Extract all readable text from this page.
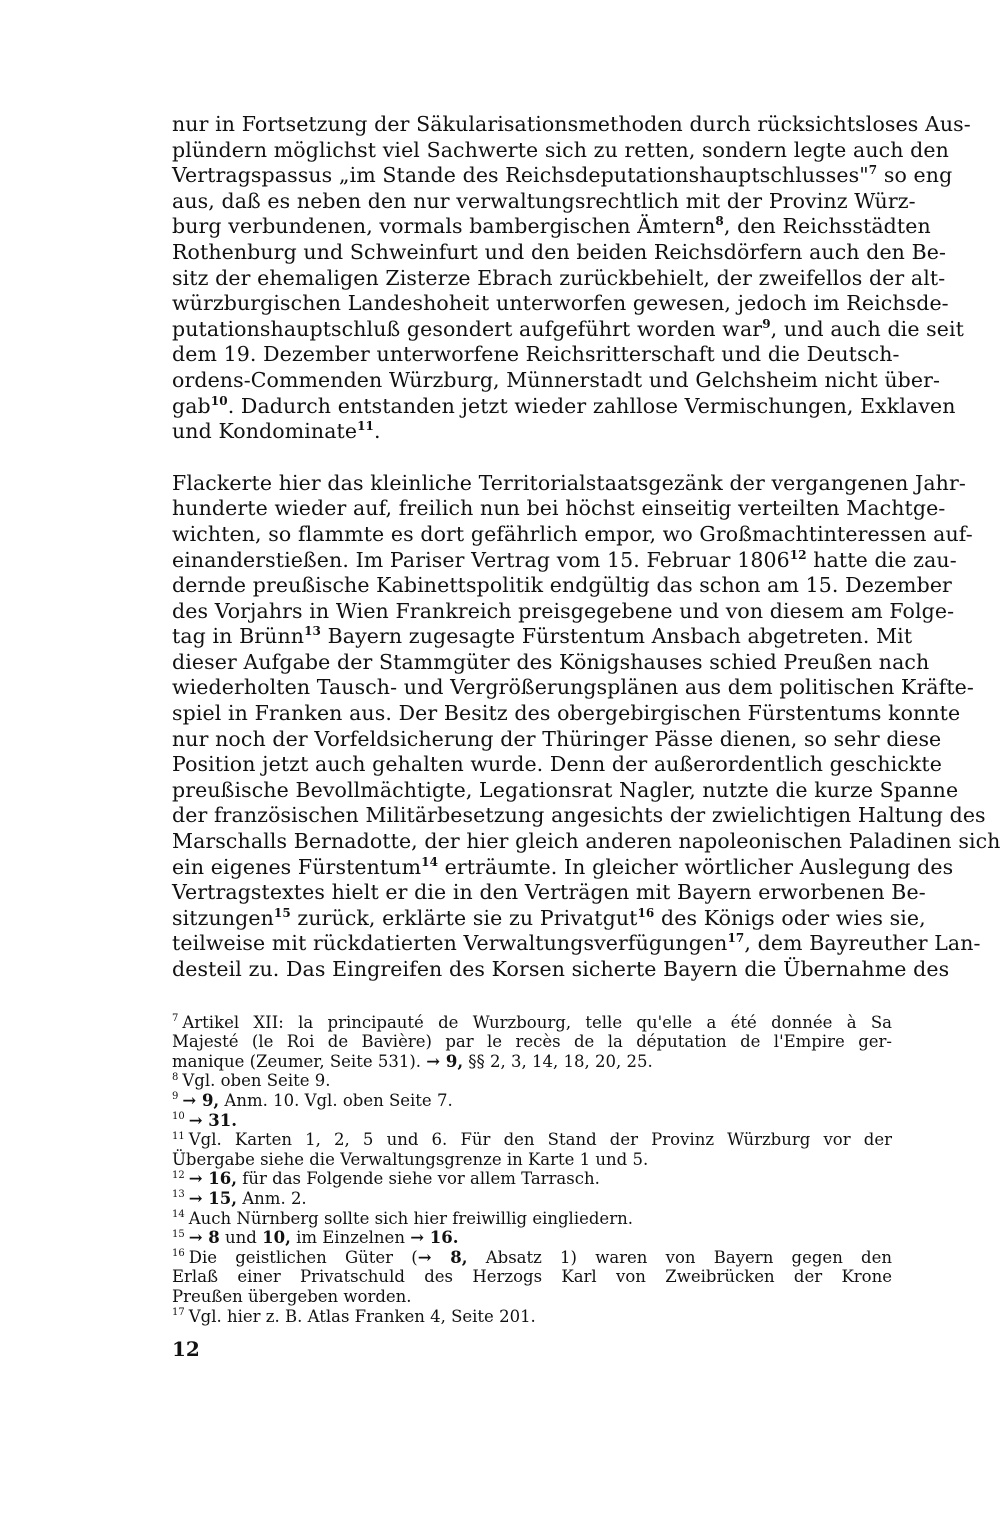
nur in Fortsetzung der Säkularisationsmethoden durch rücksichtsloses Aus-
plündern möglichst viel Sachwerte sich zu retten, sondern legte auch den
Vertragspassus „im Stande des Reichsdeputationshauptschlusses"$^7$ so eng
aus, daß es neben den nur verwaltungsrechtlich mit der Provinz Würz-
burg verbundenen, vormals bambergischen Ämtern$^8$, den Reichsstädten
Rothenburg und Schweinfurt und den beiden Reichsdörfern auch den Be-
sitz der ehemaligen Zisterze Ebrach zurückbehielt, der zweifellos der alt-
würzburgischen Landeshoheit unterworfen gewesen, jedoch im Reichsde-
putationshauptschluß gesondert aufgeführt worden war$^9$, und auch die seit
dem 19. Dezember unterworfene Reichsritterschaft und die Deutsch-
ordens-Commenden Würzburg, Münnerstadt und Gelchsheim nicht über-
gab$^{10}$. Dadurch entstanden jetzt wieder zahllose Vermischungen, Exklaven
und Kondominate$^{11}$.

Flackerte hier das kleinliche Territorialstaatsgezänk der vergangenen Jahr-
hunderte wieder auf, freilich nun bei höchst einseitig verteilten Machtge-
wichten, so flammte es dort gefährlich empor, wo Großmachtinteressen auf-
einanderstießen. Im Pariser Vertrag vom 15. Februar 1806$^{12}$ hatte die zau-
dernde preußische Kabinettspolitik endgültig das schon am 15. Dezember
des Vorjahrs in Wien Frankreich preisgegebene und von diesem am Folge-
tag in Brünn$^{13}$ Bayern zugesagte Fürstentum Ansbach abgetreten. Mit
dieser Aufgabe der Stammgüter des Königshauses schied Preußen nach
wiederholten Tausch- und Vergrößerungsplänen aus dem politischen Kräfte-
spiel in Franken aus. Der Besitz des obergebirgischen Fürstentums konnte
nur noch der Vorfeldsicherung der Thüringer Pässe dienen, so sehr diese
Position jetzt auch gehalten wurde. Denn der außerordentlich geschickte
preußische Bevollmächtigte, Legationsrat Nagler, nutzte die kurze Spanne
der französischen Militärbesetzung angesichts der zwielichtigen Haltung des
Marschalls Bernadotte, der hier gleich anderen napoleonischen Paladinen sich
ein eigenes Fürstentum$^{14}$ erträumte. In gleicher wörtlicher Auslegung des
Vertragstextes hielt er die in den Verträgen mit Bayern erworbenen Be-
sitzungen$^{15}$ zurück, erklärte sie zu Privatgut$^{16}$ des Königs oder wies sie,
teilweise mit rückdatierten Verwaltungsverfügungen$^{17}$, dem Bayreuther Lan-
desteil zu. Das Eingreifen des Korsen sicherte Bayern die Übernahme des

$^7$ Artikel XII: la principauté de Wurzbourg, telle qu'elle a été donnée à Sa
Majesté (le Roi de Bavière) par le recès de la députation de l'Empire ger-
manique (Zeumer, Seite 531). → 9, §§ 2, 3, 14, 18, 20, 25.
$^8$ Vgl. oben Seite 9.
$^9$ → 9, Anm. 10. Vgl. oben Seite 7.
$^{10}$ → 31.
$^{11}$ Vgl. Karten 1, 2, 5 und 6. Für den Stand der Provinz Würzburg vor der
Übergabe siehe die Verwaltungsgrenze in Karte 1 und 5.
$^{12}$ → 16, für das Folgende siehe vor allem Tarrasch.
$^{13}$ → 15, Anm. 2.
$^{14}$ Auch Nürnberg sollte sich hier freiwillig eingliedern.
$^{15}$ → 8 und 10, im Einzelnen → 16.
$^{16}$ Die geistlichen Güter (→ 8, Absatz 1) waren von Bayern gegen den
Erlaß einer Privatschuld des Herzogs Karl von Zweibrücken der Krone
Preußen übergeben worden.
$^{17}$ Vgl. hier z. B. Atlas Franken 4, Seite 201.
12
